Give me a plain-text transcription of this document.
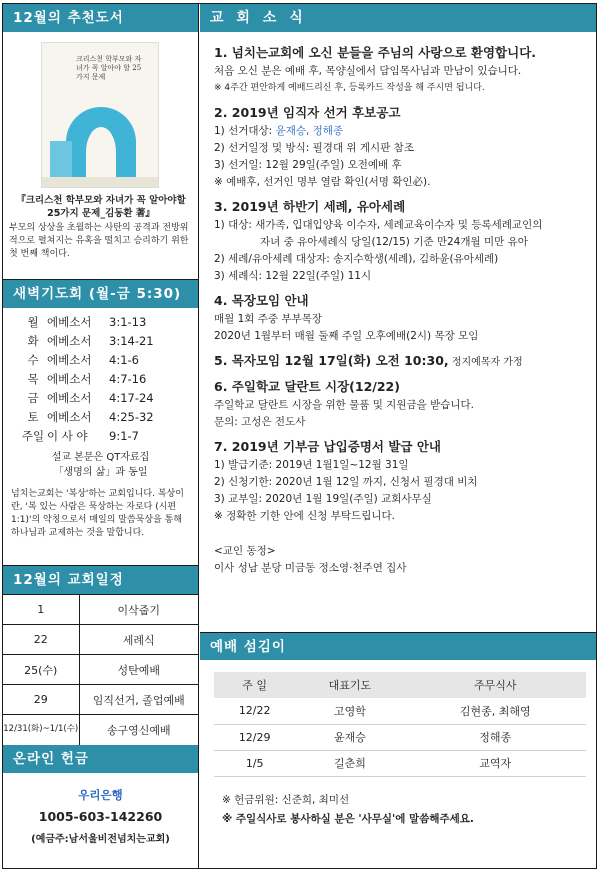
12월의 추천도서
크리스천 학부모와 자녀가 꼭 알아야 할 25가지 문제
『크리스천 학부모와 자녀가 꼭 알아야할 25가지 문제_김동환 著』
부모의 상상을 초월하는 사탄의 공격과 전방위적으로 펼쳐지는 유혹을 떨치고 승리하기 위한 첫 번째 책이다.
새벽기도회 (월-금 5:30)
월 에베소서	3:1-13
화 에베소서	3:14-21
수 에베소서	4:1-6
목 에베소서	4:7-16
금 에베소서	4:17-24
토 에베소서	4:25-32
주일 이 사 야	9:1-7
설교 본문은 QT자료집
「생명의 삶」과 동일
넘치는교회는 '복상'하는 교회입니다. 복상이란, '복 있는 사람은 묵상하는 자로다 (시편1:1)'의 약칭으로서 매일의 말씀묵상을 통해 하나님과 교제하는 것을 말합니다.
12월의 교회일정
1	이삭줍기
22	세례식
25(수)	성탄예배
29	임직선거, 졸업예배
12/31(화)~1/1(수)	송구영신예배
온라인 헌금
우리은행
1005-603-142260
(예금주:남서울비전넘치는교회)
교 회 소 식
1. 넘치는교회에 오신 분들을 주님의 사랑으로 환영합니다.
처음 오신 분은 예배 후, 목양실에서 담임목사님과 만남이 있습니다.
※ 4주간 편안하게 예배드리신 후, 등록카드 작성을 해 주시면 됩니다.
2. 2019년 임직자 선거 후보공고
1) 선거대상: 윤재승, 정해종
2) 선거일정 및 방식: 필경대 위 게시판 참조
3) 선거일: 12월 29일(주일) 오전예배 후
※ 예배후, 선거인 명부 열람 확인(서명 확인必).
3. 2019년 하반기 세례, 유아세례
1) 대상: 새가족, 입대입양육 이수자, 세례교육이수자 및 등록세례교인의
자녀 중 유아세례식 당일(12/15) 기준 만24개월 미만 유아
2) 세례/유아세례 대상자: 송지수학생(세례), 김하윤(유아세례)
3) 세례식: 12월 22일(주일) 11시
4. 목장모임 안내
매월 1회 주중 부부목장
2020년 1월부터 매월 둘째 주일 오후예배(2시) 목장 모임
5. 목자모임 12월 17일(화) 오전 10:30, 정지예목자 가정
6. 주일학교 달란트 시장(12/22)
주일학교 달란트 시장을 위한 물품 및 지원금을 받습니다.
문의: 고성은 전도사
7. 2019년 기부금 납입증명서 발급 안내
1) 발급기준: 2019년 1월1일~12월 31일
2) 신청기한: 2020년 1월 12일 까지, 신청서 필경대 비치
3) 교부일: 2020년 1월 19일(주일) 교회사무실
※ 정확한 기한 안에 신청 부탁드립니다.
<교인 동정>
이사 성남 분당 미금동 정소영·천주연 집사
예배 섬김이
주 일	대표기도	주무식사
12/22	고영학	김현종, 최해영
12/29	윤재승	정해종
1/5	길춘희	교역자
※ 헌금위원: 신준희, 최미선
※ 주일식사로 봉사하실 분은 '사무실'에 말씀해주세요.
